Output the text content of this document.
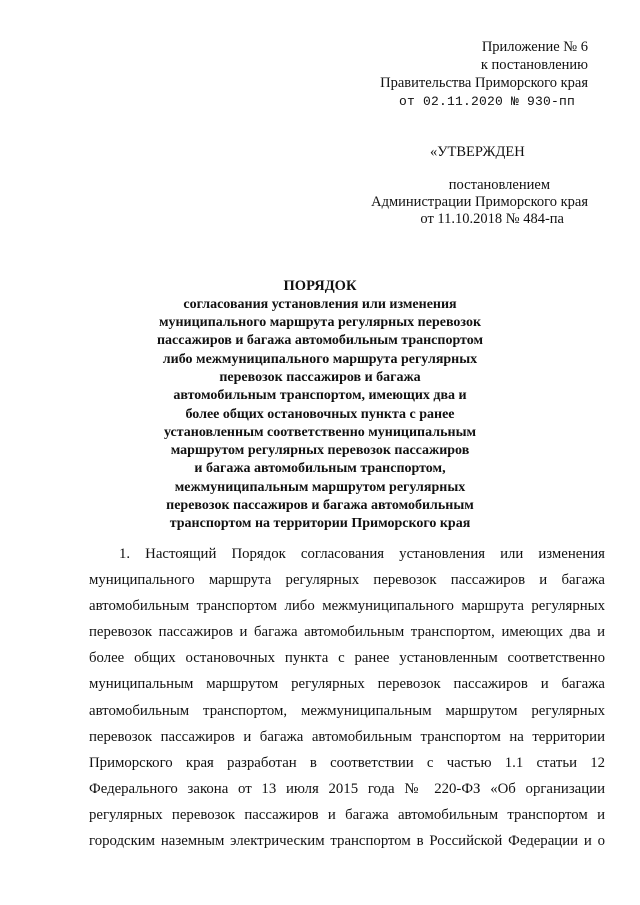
Приложение № 6
к постановлению
Правительства Приморского края
от 02.11.2020 № 930-пп
«УТВЕРЖДЕН
постановлением
Администрации Приморского края
от 11.10.2018 № 484-па
ПОРЯДОК
согласования установления или изменения
муниципального маршрута регулярных перевозок
пассажиров и багажа автомобильным транспортом
либо межмуниципального маршрута регулярных
перевозок пассажиров и багажа
автомобильным транспортом, имеющих два и
более общих остановочных пункта с ранее
установленным соответственно муниципальным
маршрутом регулярных перевозок пассажиров
и багажа автомобильным транспортом,
межмуниципальным маршрутом регулярных
перевозок пассажиров и багажа автомобильным
транспортом на территории Приморского края
1. Настоящий Порядок согласования установления или изменения
муниципального маршрута регулярных перевозок пассажиров и багажа
автомобильным транспортом либо межмуниципального маршрута регулярных
перевозок пассажиров и багажа автомобильным транспортом, имеющих два и
более общих остановочных пункта с ранее установленным соответственно
муниципальным маршрутом регулярных перевозок пассажиров и багажа
автомобильным транспортом, межмуниципальным маршрутом регулярных
перевозок пассажиров и багажа автомобильным транспортом на территории
Приморского края разработан в соответствии с частью 1.1 статьи 12
Федерального закона от 13 июля 2015 года № 220-ФЗ «Об организации
регулярных перевозок пассажиров и багажа автомобильным транспортом и
городским наземным электрическим транспортом в Российской Федерации и о
